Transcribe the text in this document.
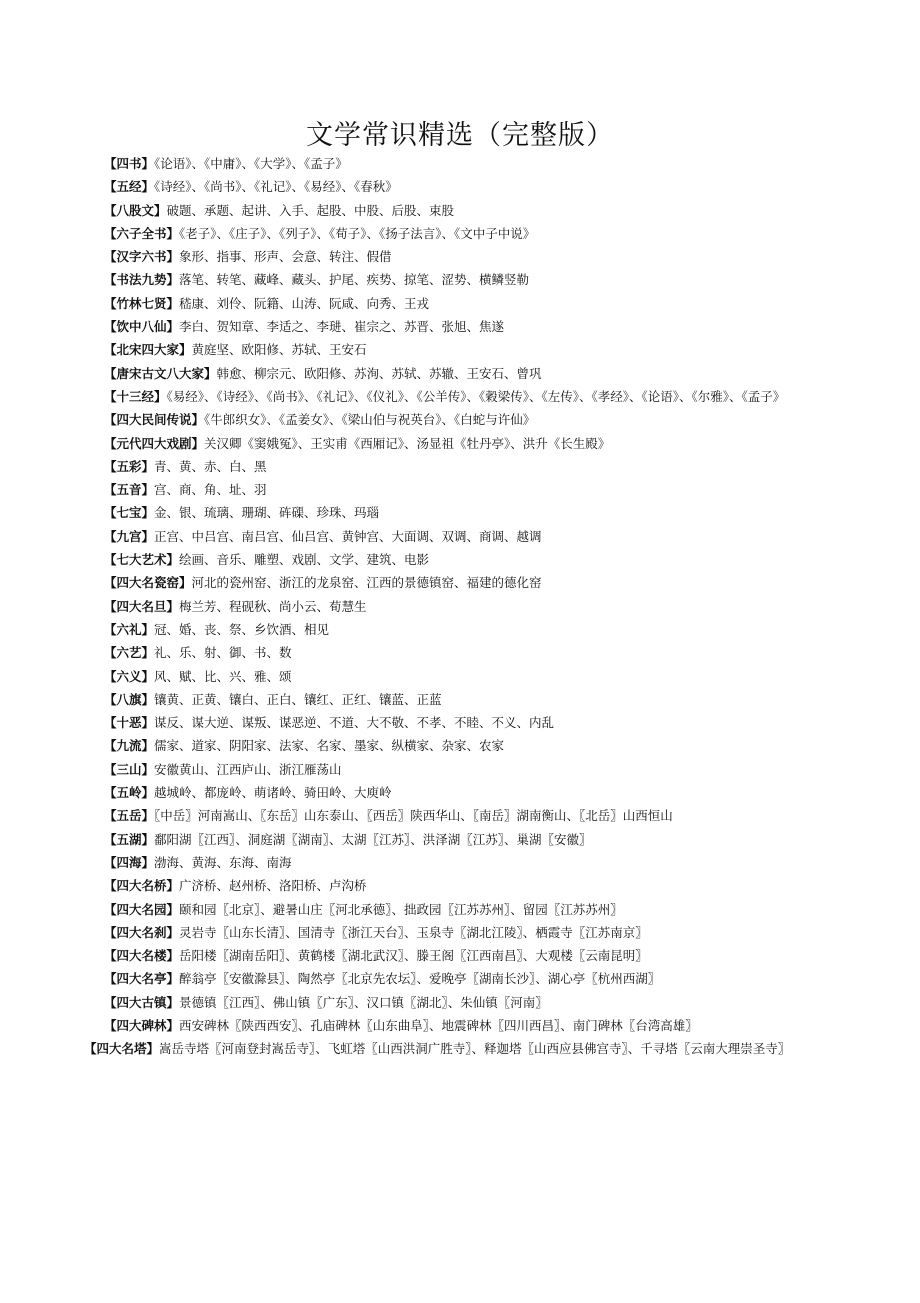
文学常识精选（完整版）
【四书】《论语》、《中庸》、《大学》、《孟子》
【五经】《诗经》、《尚书》、《礼记》、《易经》、《春秋》
【八股文】破题、承题、起讲、入手、起股、中股、后股、束股
【六子全书】《老子》、《庄子》、《列子》、《荀子》、《扬子法言》、《文中子中说》
【汉字六书】象形、指事、形声、会意、转注、假借
【书法九势】落笔、转笔、藏峰、藏头、护尾、疾势、掠笔、涩势、横鳞竖勒
【竹林七贤】嵇康、刘伶、阮籍、山涛、阮咸、向秀、王戎
【饮中八仙】李白、贺知章、李适之、李琎、崔宗之、苏晋、张旭、焦遂
【北宋四大家】黄庭坚、欧阳修、苏轼、王安石
【唐宋古文八大家】韩愈、柳宗元、欧阳修、苏洵、苏轼、苏辙、王安石、曾巩
【十三经】《易经》、《诗经》、《尚书》、《礼记》、《仪礼》、《公羊传》、《穀梁传》、《左传》、《孝经》、《论语》、《尔雅》、《孟子》
【四大民间传说】《牛郎织女》、《孟姜女》、《梁山伯与祝英台》、《白蛇与许仙》
【元代四大戏剧】关汉卿《窦娥冤》、王实甫《西厢记》、汤显祖《牡丹亭》、洪升《长生殿》
【五彩】青、黄、赤、白、黑
【五音】宫、商、角、址、羽
【七宝】金、银、琉璃、珊瑚、砗磲、珍珠、玛瑙
【九宫】正宫、中吕宫、南吕宫、仙吕宫、黄钟宫、大面调、双调、商调、越调
【七大艺术】绘画、音乐、雕塑、戏剧、文学、建筑、电影
【四大名瓷窑】河北的瓷州窑、浙江的龙泉窑、江西的景德镇窑、福建的德化窑
【四大名旦】梅兰芳、程砚秋、尚小云、荀慧生
【六礼】冠、婚、丧、祭、乡饮酒、相见
【六艺】礼、乐、射、御、书、数
【六义】风、赋、比、兴、雅、颂
【八旗】镶黄、正黄、镶白、正白、镶红、正红、镶蓝、正蓝
【十恶】谋反、谋大逆、谋叛、谋恶逆、不道、大不敬、不孝、不睦、不义、内乱
【九流】儒家、道家、阴阳家、法家、名家、墨家、纵横家、杂家、农家
【三山】安徽黄山、江西庐山、浙江雁荡山
【五岭】越城岭、都庞岭、萌诸岭、骑田岭、大庾岭
【五岳】〖中岳〗河南嵩山、〖东岳〗山东泰山、〖西岳〗陕西华山、〖南岳〗湖南衡山、〖北岳〗山西恒山
【五湖】鄱阳湖〖江西〗、洞庭湖〖湖南〗、太湖〖江苏〗、洪泽湖〖江苏〗、巢湖〖安徽〗
【四海】渤海、黄海、东海、南海
【四大名桥】广济桥、赵州桥、洛阳桥、卢沟桥
【四大名园】颐和园〖北京〗、避暑山庄〖河北承德〗、拙政园〖江苏苏州〗、留园〖江苏苏州〗
【四大名刹】灵岩寺〖山东长清〗、国清寺〖浙江天台〗、玉泉寺〖湖北江陵〗、栖霞寺〖江苏南京〗
【四大名楼】岳阳楼〖湖南岳阳〗、黄鹤楼〖湖北武汉〗、滕王阁〖江西南昌〗、大观楼〖云南昆明〗
【四大名亭】醉翁亭〖安徽滁县〗、陶然亭〖北京先农坛〗、爱晚亭〖湖南长沙〗、湖心亭〖杭州西湖〗
【四大古镇】景德镇〖江西〗、佛山镇〖广东〗、汉口镇〖湖北〗、朱仙镇〖河南〗
【四大碑林】西安碑林〖陕西西安〗、孔庙碑林〖山东曲阜〗、地震碑林〖四川西昌〗、南门碑林〖台湾高雄〗
【四大名塔】嵩岳寺塔〖河南登封嵩岳寺〗、飞虹塔〖山西洪洞广胜寺〗、释迦塔〖山西应县佛宫寺〗、千寻塔〖云南大理崇圣寺〗
